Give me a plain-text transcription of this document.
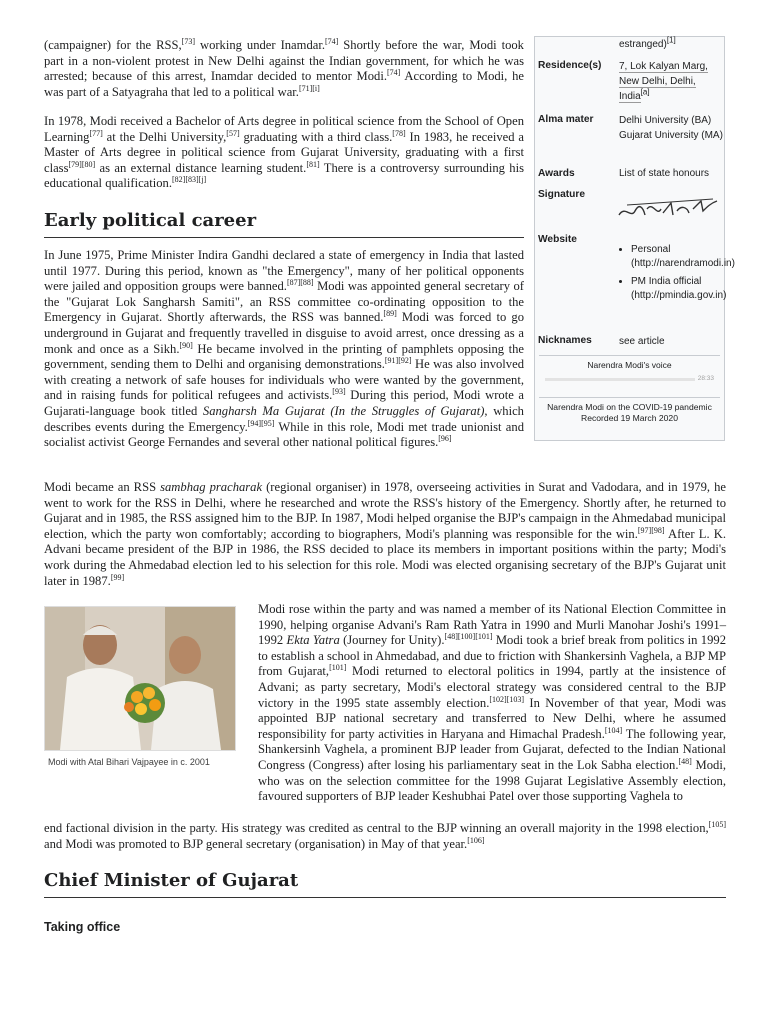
estranged)[1]
Residence(s) 7, Lok Kalyan Marg, New Delhi, Delhi, India[a]
Alma mater	Delhi University (BA)
Gujarat University (MA)
Awards	List of state honours
Signature
Website
• Personal (http://narendramodi.in)
• PM India official (http://pmindia.gov.in)
Nicknames	see article
Narendra Modi's voice
28:33
Narendra Modi on the COVID-19 pandemic
Recorded 19 March 2020

(campaigner) for the RSS,[73] working under Inamdar.[74] Shortly before the war, Modi took part in a non-violent protest in New Delhi against the Indian government, for which he was arrested; because of this arrest, Inamdar decided to mentor Modi.[74] According to Modi, he was part of a Satyagraha that led to a political war.[71][i]

In 1978, Modi received a Bachelor of Arts degree in political science from the School of Open Learning[77] at the Delhi University,[57] graduating with a third class.[78] In 1983, he received a Master of Arts degree in political science from Gujarat University, graduating with a first class[79][80] as an external distance learning student.[81] There is a controversy surrounding his educational qualification.[82][83][j]

Early political career

In June 1975, Prime Minister Indira Gandhi declared a state of emergency in India that lasted until 1977. During this period, known as "the Emergency", many of her political opponents were jailed and opposition groups were banned.[87][88] Modi was appointed general secretary of the "Gujarat Lok Sangharsh Samiti", an RSS committee co-ordinating opposition to the Emergency in Gujarat. Shortly afterwards, the RSS was banned.[89] Modi was forced to go underground in Gujarat and frequently travelled in disguise to avoid arrest, once dressing as a monk and once as a Sikh.[90] He became involved in the printing of pamphlets opposing the government, sending them to Delhi and organising demonstrations.[91][92] He was also involved with creating a network of safe houses for individuals who were wanted by the government, and in raising funds for political refugees and activists.[93] During this period, Modi wrote a Gujarati-language book titled Sangharsh Ma Gujarat (In the Struggles of Gujarat), which describes events during the Emergency.[94][95] While in this role, Modi met trade unionist and socialist activist George Fernandes and several other national political figures.[96]

Modi became an RSS sambhag pracharak (regional organiser) in 1978, overseeing activities in Surat and Vadodara, and in 1979, he went to work for the RSS in Delhi, where he researched and wrote the RSS's history of the Emergency. Shortly after, he returned to Gujarat and in 1985, the RSS assigned him to the BJP. In 1987, Modi helped organise the BJP's campaign in the Ahmedabad municipal election, which the party won comfortably; according to biographers, Modi's planning was responsible for the win.[97][98] After L. K. Advani became president of the BJP in 1986, the RSS decided to place its members in important positions within the party; Modi's work during the Ahmedabad election led to his selection for this role. Modi was elected organising secretary of the BJP's Gujarat unit later in 1987.[99]

Modi with Atal Bihari Vajpayee in c. 2001

Modi rose within the party and was named a member of its National Election Committee in 1990, helping organise Advani's Ram Rath Yatra in 1990 and Murli Manohar Joshi's 1991–1992 Ekta Yatra (Journey for Unity).[48][100][101] Modi took a brief break from politics in 1992 to establish a school in Ahmedabad, and due to friction with Shankersinh Vaghela, a BJP MP from Gujarat,[101] Modi returned to electoral politics in 1994, partly at the insistence of Advani; as party secretary, Modi's electoral strategy was considered central to the BJP victory in the 1995 state assembly election.[102][103] In November of that year, Modi was appointed BJP national secretary and transferred to New Delhi, where he assumed responsibility for party activities in Haryana and Himachal Pradesh.[104] The following year, Shankersinh Vaghela, a prominent BJP leader from Gujarat, defected to the Indian National Congress (Congress) after losing his parliamentary seat in the Lok Sabha election.[48] Modi, who was on the selection committee for the 1998 Gujarat Legislative Assembly election, favoured supporters of BJP leader Keshubhai Patel over those supporting Vaghela to

end factional division in the party. His strategy was credited as central to the BJP winning an overall majority in the 1998 election,[105] and Modi was promoted to BJP general secretary (organisation) in May of that year.[106]

Chief Minister of Gujarat
Taking office
